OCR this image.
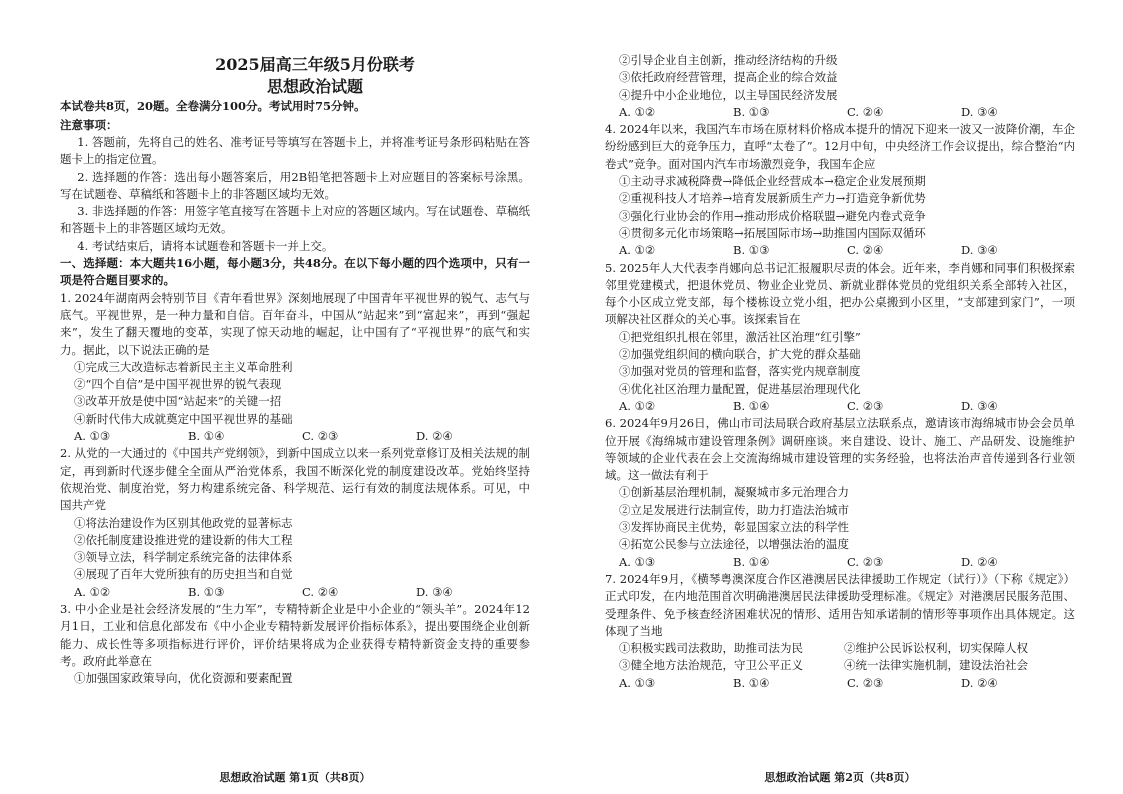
2025届高三年级5月份联考
思想政治试题
本试卷共8页，20题。全卷满分100分。考试用时75分钟。
注意事项：
1. 答题前，先将自己的姓名、准考证号等填写在答题卡上，并将准考证号条形码粘贴在答题卡上的指定位置。
2. 选择题的作答：选出每小题答案后，用2B铅笔把答题卡上对应题目的答案标号涂黑。写在试题卷、草稿纸和答题卡上的非答题区域均无效。
3. 非选择题的作答：用签字笔直接写在答题卡上对应的答题区域内。写在试题卷、草稿纸和答题卡上的非答题区域均无效。
4. 考试结束后，请将本试题卷和答题卡一并上交。
一、选择题：本大题共16小题，每小题3分，共48分。在以下每小题的四个选项中，只有一项是符合题目要求的。
1. 2024年湖南两会特别节目《青年看世界》深刻地展现了中国青年平视世界的锐气、志气与底气。平视世界，是一种力量和自信。百年奋斗，中国从“站起来”到“富起来”，再到“强起来”，发生了翻天覆地的变革，实现了惊天动地的崛起，让中国有了“平视世界”的底气和实力。据此，以下说法正确的是
①完成三大改造标志着新民主主义革命胜利
②“四个自信”是中国平视世界的锐气表现
③改革开放是使中国“站起来”的关键一招
④新时代伟大成就奠定中国平视世界的基础
A. ①③	B. ①④	C. ②③	D. ②④
2. 从党的一大通过的《中国共产党纲领》，到新中国成立以来一系列党章修订及相关法规的制定，再到新时代逐步健全全面从严治党体系，我国不断深化党的制度建设改革。党始终坚持依规治党、制度治党，努力构建系统完备、科学规范、运行有效的制度法规体系。可见，中国共产党
①将法治建设作为区别其他政党的显著标志
②依托制度建设推进党的建设新的伟大工程
③领导立法，科学制定系统完备的法律体系
④展现了百年大党所独有的历史担当和自觉
A. ①②	B. ①③	C. ②④	D. ③④
3. 中小企业是社会经济发展的“生力军”，专精特新企业是中小企业的“领头羊”。2024年12月1日，工业和信息化部发布《中小企业专精特新发展评价指标体系》，提出要围绕企业创新能力、成长性等多项指标进行评价，评价结果将成为企业获得专精特新资金支持的重要参考。政府此举意在
①加强国家政策导向，优化资源和要素配置
②引导企业自主创新，推动经济结构的升级
③依托政府经营管理，提高企业的综合效益
④提升中小企业地位，以主导国民经济发展
A. ①②	B. ①③	C. ②④	D. ③④
4. 2024年以来，我国汽车市场在原材料价格成本提升的情况下迎来一波又一波降价潮，车企纷纷感到巨大的竞争压力，直呼“太卷了”。12月中旬，中央经济工作会议提出，综合整治“内卷式”竞争。面对国内汽车市场激烈竞争，我国车企应
①主动寻求减税降费→降低企业经营成本→稳定企业发展预期
②重视科技人才培养→培育发展新质生产力→打造竞争新优势
③强化行业协会的作用→推动形成价格联盟→避免内卷式竞争
④贯彻多元化市场策略→拓展国际市场→助推国内国际双循环
A. ①②	B. ①③	C. ②④	D. ③④
5. 2025年人大代表李肖娜向总书记汇报履职尽责的体会。近年来，李肖娜和同事们积极探索邻里党建模式，把退休党员、物业企业党员、新就业群体党员的党组织关系全部转入社区，每个小区成立党支部，每个楼栋设立党小组，把办公桌搬到小区里，“支部建到家门”，一项项解决社区群众的关心事。该探索旨在
①把党组织扎根在邻里，激活社区治理“红引擎”
②加强党组织间的横向联合，扩大党的群众基础
③加强对党员的管理和监督，落实党内规章制度
④优化社区治理力量配置，促进基层治理现代化
A. ①②	B. ①④	C. ②③	D. ③④
6. 2024年9月26日，佛山市司法局联合政府基层立法联系点，邀请该市海绵城市协会会员单位开展《海绵城市建设管理条例》调研座谈。来自建设、设计、施工、产品研发、设施维护等领域的企业代表在会上交流海绵城市建设管理的实务经验，也将法治声音传递到各行业领域。这一做法有利于
①创新基层治理机制，凝聚城市多元治理合力
②立足发展进行法制宣传，助力打造法治城市
③发挥协商民主优势，彰显国家立法的科学性
④拓宽公民参与立法途径，以增强法治的温度
A. ①③	B. ①④	C. ②③	D. ②④
7. 2024年9月，《横琴粤澳深度合作区港澳居民法律援助工作规定（试行）》（下称《规定》）正式印发，在内地范围首次明确港澳居民法律援助受理标准。《规定》对港澳居民服务范围、受理条件、免予核查经济困难状况的情形、适用告知承诺制的情形等事项作出具体规定。这体现了当地
①积极实践司法救助，助推司法为民	②维护公民诉讼权利，切实保障人权
③健全地方法治规范，守卫公平正义	④统一法律实施机制，建设法治社会
A. ①③	B. ①④	C. ②③	D. ②④
思想政治试题 第1页（共8页）	思想政治试题 第2页（共8页）
